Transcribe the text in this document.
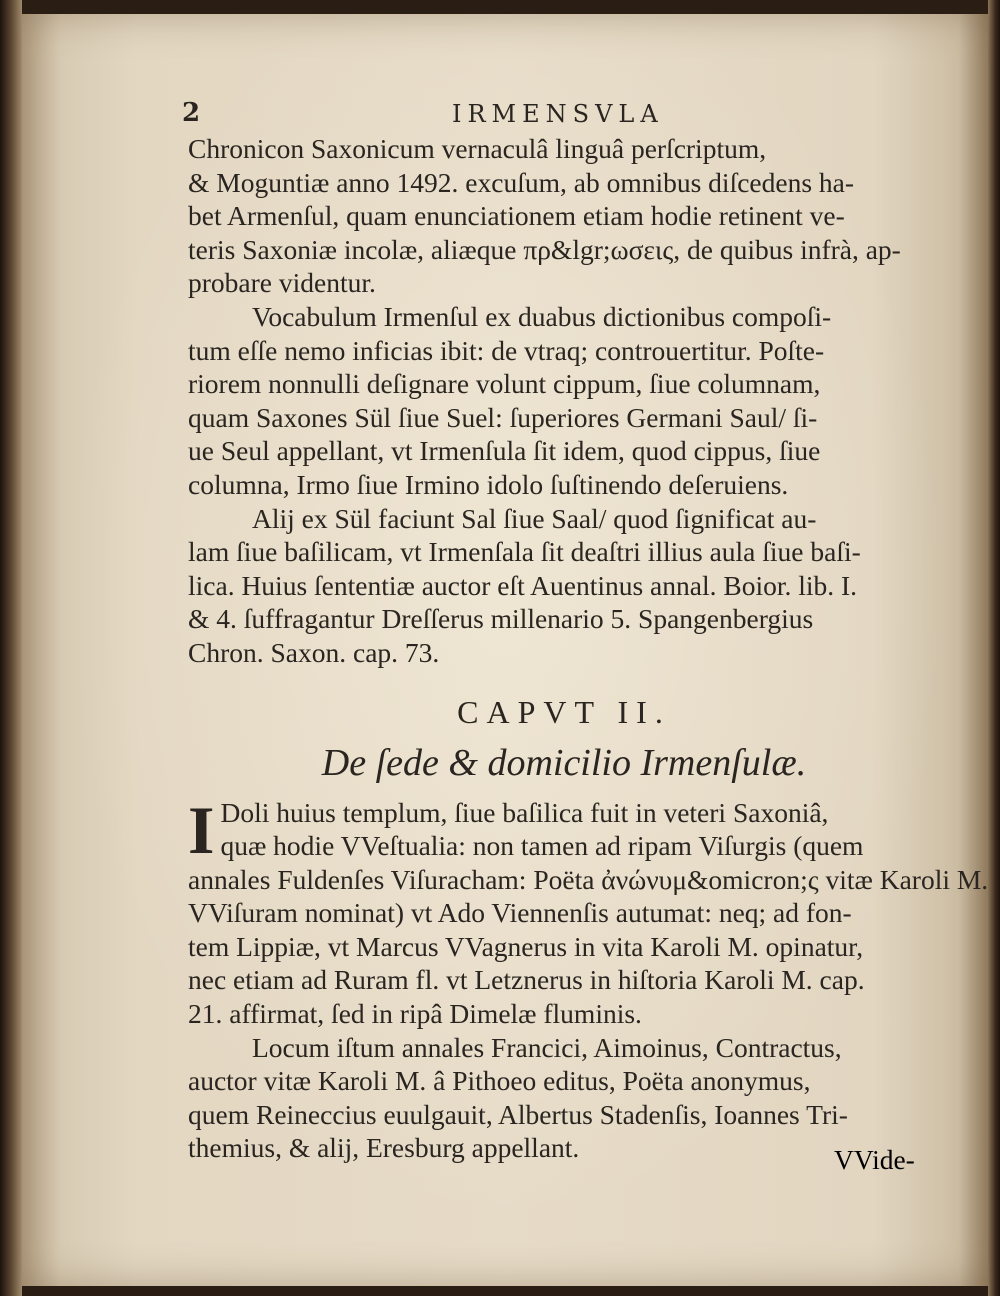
2	IRMENSVLA
Chronicon Saxonicum vernaculâ linguâ perſcriptum,
& Moguntiæ anno 1492. excuſum, ab omnibus diſcedens ha-
bet Armenſul, quam enunciationem etiam hodie retinent ve-
teris Saxoniæ incolæ, aliæque πρ&lgr;ωσεις, de quibus infrà, ap-
probare videntur.
Vocabulum Irmenſul ex duabus dictionibus compoſi-
tum eſſe nemo inficias ibit: de vtraq; controuertitur. Poſte-
riorem nonnulli deſignare volunt cippum, ſiue columnam,
quam Saxones Sül ſiue Suel: ſuperiores Germani Saul/ ſi-
ue Seul appellant, vt Irmenſula ſit idem, quod cippus, ſiue
columna, Irmo ſiue Irmino idolo ſuſtinendo deſeruiens.
Alij ex Sül faciunt Sal ſiue Saal/ quod ſignificat au-
lam ſiue baſilicam, vt Irmenſala ſit deaſtri illius aula ſiue baſi-
lica. Huius ſententiæ auctor eſt Auentinus annal. Boior. lib. I.
& 4. ſuffragantur Dreſſerus millenario 5. Spangenbergius
Chron. Saxon. cap. 73.
CAPVT II.
De ſede & domicilio Irmenſulæ.
I Doli huius templum, ſiue baſilica fuit in veteri Saxoniâ,
quæ hodie VVeſtualia: non tamen ad ripam Viſurgis (quem
annales Fuldenſes Viſuracham: Poëta ἀνώνυμ&omicron;ς vitæ Karoli M.
VViſuram nominat) vt Ado Viennenſis autumat: neq; ad fon-
tem Lippiæ, vt Marcus VVagnerus in vita Karoli M. opinatur,
nec etiam ad Ruram fl. vt Letznerus in hiſtoria Karoli M. cap.
21. affirmat, ſed in ripâ Dimelæ fluminis.
Locum iſtum annales Francici, Aimoinus, Contractus,
auctor vitæ Karoli M. â Pithoeo editus, Poëta anonymus,
quem Reineccius euulgauit, Albertus Stadenſis, Ioannes Tri-
themius, & alij, Eresburg appellant.	VVide-
